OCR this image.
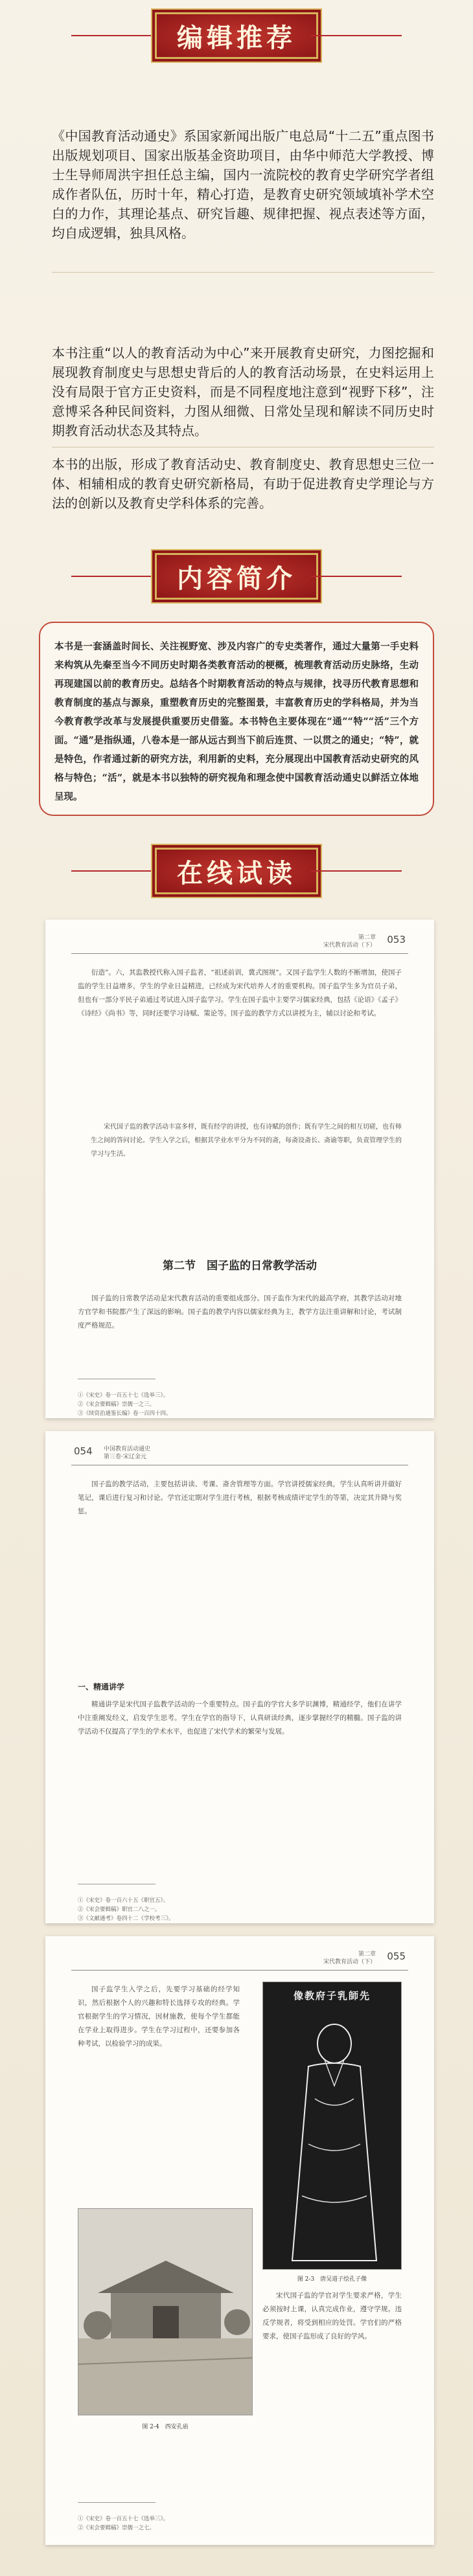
编辑推荐
《中国教育活动通史》系国家新闻出版广电总局“十二五”重点图书出版规划项目、国家出版基金资助项目，由华中师范大学教授、博士生导师周洪宇担任总主编，国内一流院校的教育史学研究学者组成作者队伍，历时十年，精心打造，是教育史研究领域填补学术空白的力作，其理论基点、研究旨趣、规律把握、视点表述等方面，均自成逻辑，独具风格。
本书注重“以人的教育活动为中心”来开展教育史研究，力图挖掘和展现教育制度史与思想史背后的人的教育活动场景，在史料运用上没有局限于官方正史资料，而是不同程度地注意到“视野下移”，注意博采各种民间资料，力图从细微、日常处呈现和解读不同历史时期教育活动状态及其特点。
本书的出版，形成了教育活动史、教育制度史、教育思想史三位一体、相辅相成的教育史研究新格局，有助于促进教育史学理论与方法的创新以及教育史学科体系的完善。
内容简介
本书是一套涵盖时间长、关注视野宽、涉及内容广的专史类著作，通过大量第一手史料来构筑从先秦至当今不同历史时期各类教育活动的梗概，梳理教育活动历史脉络，生动再现建国以前的教育历史。总结各个时期教育活动的特点与规律，找寻历代教育思想和教育制度的基点与源泉，重塑教育历史的完整图景，丰富教育历史的学科格局，并为当今教育教学改革与发展提供重要历史借鉴。本书特色主要体现在“通”“特”“活”三个方面。“通”是指纵通，八卷本是一部从远古到当下前后连贯、一以贯之的通史；“特”，就是特色，作者通过新的研究方法，利用新的史料，充分展现出中国教育活动史研究的风格与特色；“活”，就是本书以独特的研究视角和理念使中国教育活动通史以鲜活立体地呈现。
在线试读
第二章
宋代教育活动（下） 053

衍造”。六，其监教授代称入国子监者，“祖述前训，冀式图规”。又国子监学生人数的不断增加，使国子监的学生日益增多，学生的学业日益精进，已经成为宋代培养人才的重要机构。国子监学生多为官员子弟，但也有一部分平民子弟通过考试进入国子监学习。学生在国子监中主要学习儒家经典，包括《论语》《孟子》《诗经》《尚书》等，同时还要学习诗赋、策论等。国子监的教学方式以讲授为主，辅以讨论和考试。

宋代国子监的教学活动丰富多样，既有经学的讲授，也有诗赋的创作；既有学生之间的相互切磋，也有师生之间的答问讨论。学生入学之后，根据其学业水平分为不同的斋，每斋设斋长、斋谕等职，负责管理学生的学习与生活。

第二节　国子监的日常教学活动

国子监的日常教学活动是宋代教育活动的重要组成部分。国子监作为宋代的最高学府，其教学活动对地方官学和书院都产生了深远的影响。国子监的教学内容以儒家经典为主，教学方法注重讲解和讨论，考试制度严格规范。

①《宋史》卷一百五十七《选举三》。
②《宋会要辑稿》崇儒一之三。
③《续资治通鉴长编》卷一百四十四。

054 中国教育活动通史
第三卷·宋辽金元

国子监的教学活动，主要包括讲读、考课、斋舍管理等方面。学官讲授儒家经典，学生认真听讲并做好笔记，课后进行复习和讨论。学官还定期对学生进行考核，根据考核成绩评定学生的等第，决定其升降与奖惩。

一、精通讲学

精通讲学是宋代国子监教学活动的一个重要特点。国子监的学官大多学识渊博，精通经学，他们在讲学中注重阐发经义，启发学生思考。学生在学官的指导下，认真研读经典，逐步掌握经学的精髓。国子监的讲学活动不仅提高了学生的学术水平，也促进了宋代学术的繁荣与发展。

①《宋史》卷一百六十五《职官五》。
②《宋会要辑稿》职官二八之一。
③《文献通考》卷四十二《学校考三》。

第二章
宋代教育活动（下） 055

国子监学生入学之后，先要学习基础的经学知识，然后根据个人的兴趣和特长选择专攻的经典。学官根据学生的学习情况，因材施教，使每个学生都能在学业上取得进步。学生在学习过程中，还要参加各种考试，以检验学习的成果。

像教府子乳師先
图 2-3　唐吴道子绘孔子像

宋代国子监的学官对学生要求严格，学生必须按时上课，认真完成作业，遵守学规。违反学规者，将受到相应的处罚。学官们的严格要求，使国子监形成了良好的学风。

图 2-4　西安孔庙

①《宋史》卷一百五十七《选举三》。
②《宋会要辑稿》崇儒一之七。
